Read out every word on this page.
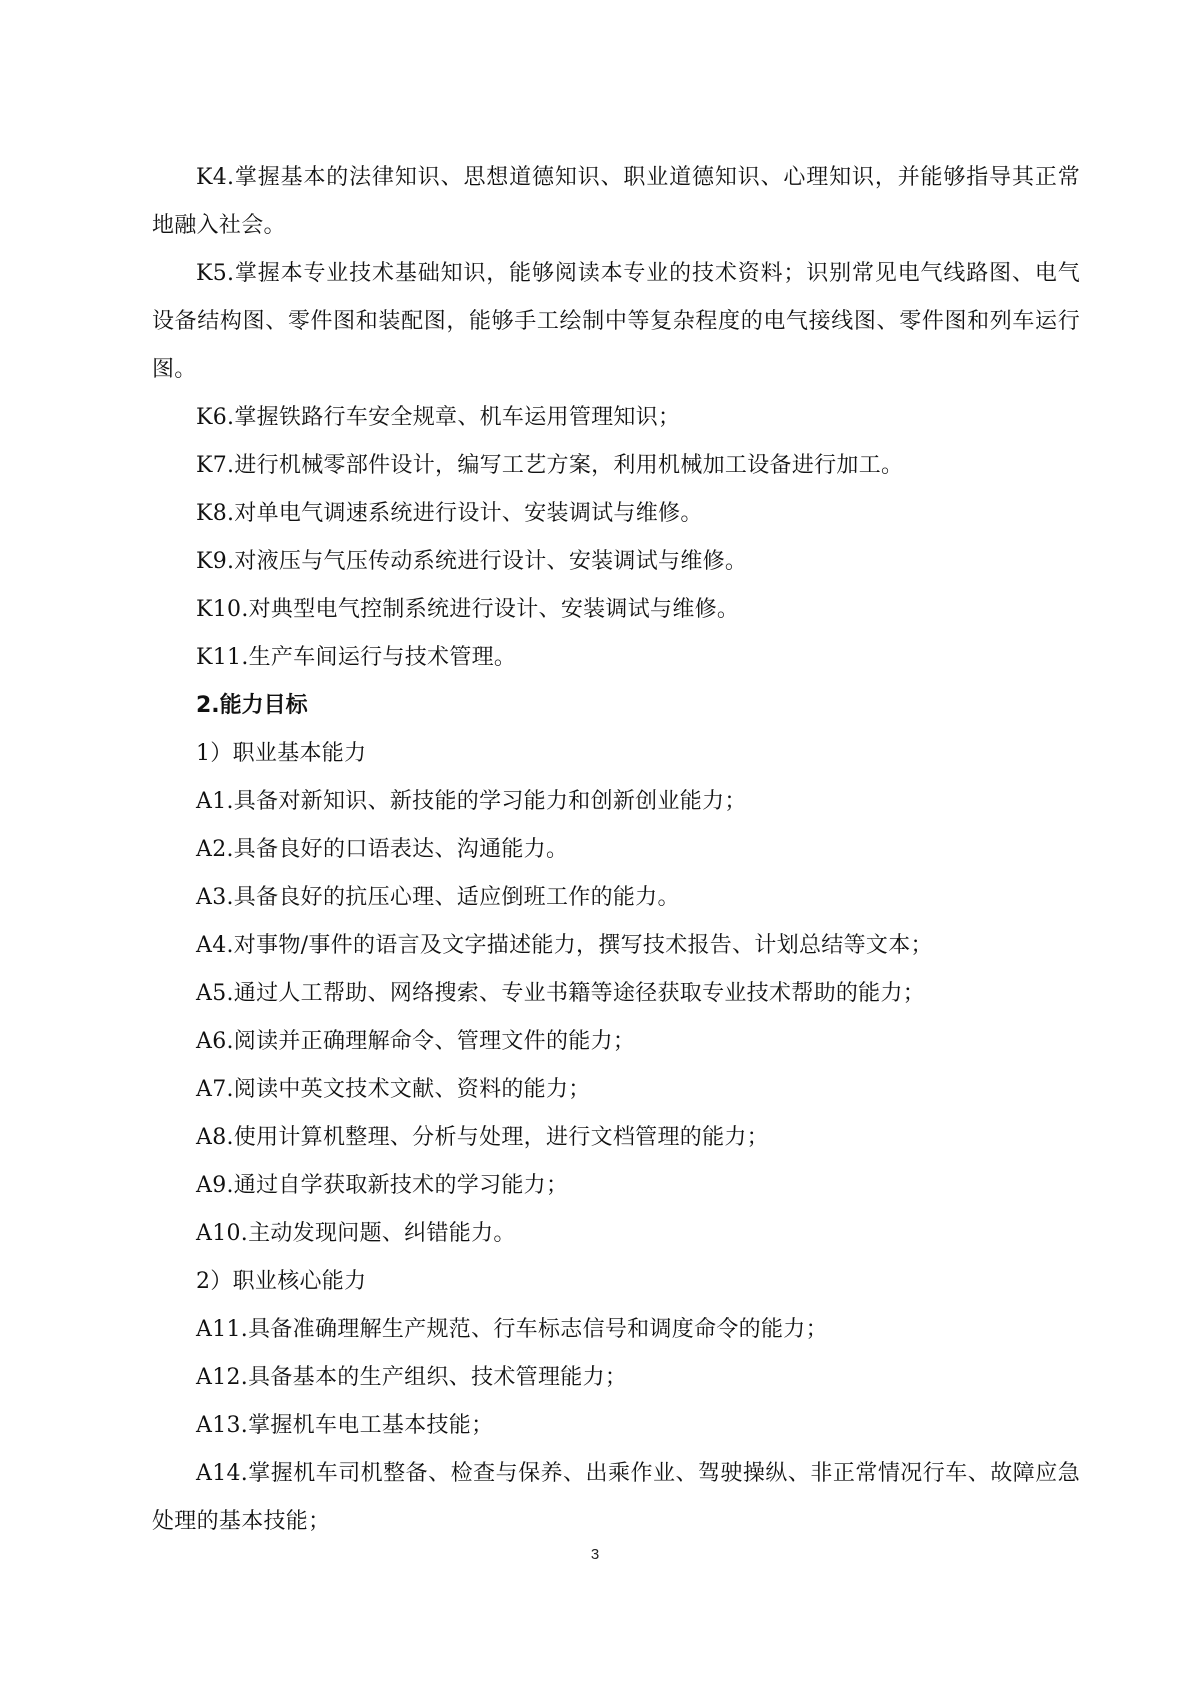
K4.掌握基本的法律知识、思想道德知识、职业道德知识、心理知识，并能够指导其正常地融入社会。

K5.掌握本专业技术基础知识，能够阅读本专业的技术资料；识别常见电气线路图、电气设备结构图、零件图和装配图，能够手工绘制中等复杂程度的电气接线图、零件图和列车运行图。

K6.掌握铁路行车安全规章、机车运用管理知识；

K7.进行机械零部件设计，编写工艺方案，利用机械加工设备进行加工。

K8.对单电气调速系统进行设计、安装调试与维修。

K9.对液压与气压传动系统进行设计、安装调试与维修。

K10.对典型电气控制系统进行设计、安装调试与维修。

K11.生产车间运行与技术管理。

2.能力目标

1）职业基本能力

A1.具备对新知识、新技能的学习能力和创新创业能力；

A2.具备良好的口语表达、沟通能力。

A3.具备良好的抗压心理、适应倒班工作的能力。

A4.对事物/事件的语言及文字描述能力，撰写技术报告、计划总结等文本；

A5.通过人工帮助、网络搜索、专业书籍等途径获取专业技术帮助的能力；

A6.阅读并正确理解命令、管理文件的能力；

A7.阅读中英文技术文献、资料的能力；

A8.使用计算机整理、分析与处理，进行文档管理的能力；

A9.通过自学获取新技术的学习能力；

A10.主动发现问题、纠错能力。

2）职业核心能力

A11.具备准确理解生产规范、行车标志信号和调度命令的能力；

A12.具备基本的生产组织、技术管理能力；

A13.掌握机车电工基本技能；

A14.掌握机车司机整备、检查与保养、出乘作业、驾驶操纵、非正常情况行车、故障应急处理的基本技能；

3
